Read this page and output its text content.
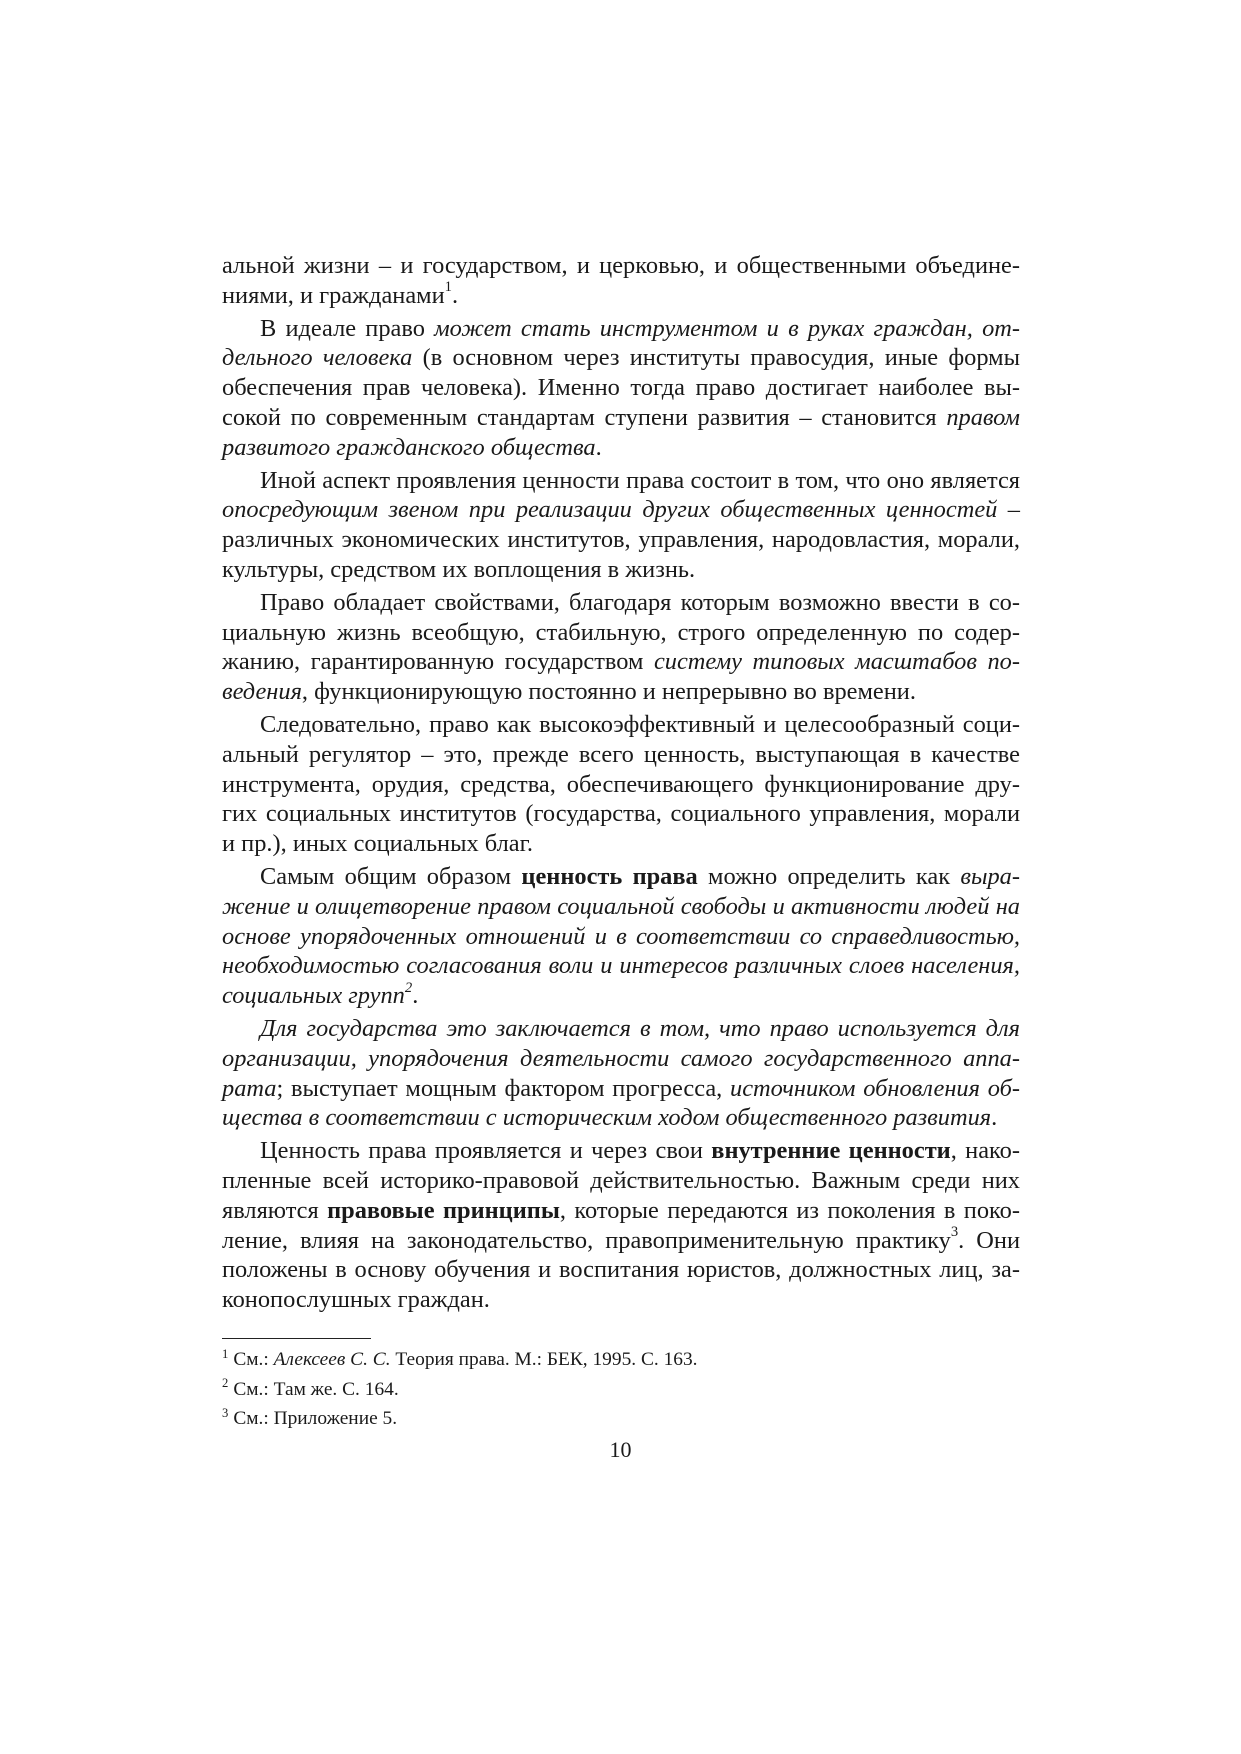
альной жизни – и государством, и церковью, и общественными объединениями, и гражданами$^1$.

В идеале право может стать инструментом и в руках граждан, отдельного человека (в основном через институты правосудия, иные формы обеспечения прав человека). Именно тогда право достигает наиболее высокой по современным стандартам ступени развития – становится правом развитого гражданского общества.

Иной аспект проявления ценности права состоит в том, что оно является опосредующим звеном при реализации других общественных ценностей – различных экономических институтов, управления, народовластия, морали, культуры, средством их воплощения в жизнь.

Право обладает свойствами, благодаря которым возможно ввести в социальную жизнь всеобщую, стабильную, строго определенную по содержанию, гарантированную государством систему типовых масштабов поведения, функционирующую постоянно и непрерывно во времени.

Следовательно, право как высокоэффективный и целесообразный социальный регулятор – это, прежде всего ценность, выступающая в качестве инструмента, орудия, средства, обеспечивающего функционирование других социальных институтов (государства, социального управления, морали и пр.), иных социальных благ.

Самым общим образом ценность права можно определить как выражение и олицетворение правом социальной свободы и активности людей на основе упорядоченных отношений и в соответствии со справедливостью, необходимостью согласования воли и интересов различных слоев населения, социальных групп$^2$.

Для государства это заключается в том, что право используется для организации, упорядочения деятельности самого государственного аппарата; выступает мощным фактором прогресса, источником обновления общества в соответствии с историческим ходом общественного развития.

Ценность права проявляется и через свои внутренние ценности, накопленные всей историко-правовой действительностью. Важным среди них являются правовые принципы, которые передаются из поколения в поколение, влияя на законодательство, правоприменительную практику$^3$. Они положены в основу обучения и воспитания юристов, должностных лиц, законопослушных граждан.

$^1$ См.: Алексеев С. С. Теория права. М.: БЕК, 1995. С. 163.

$^2$ См.: Там же. С. 164.

$^3$ См.: Приложение 5.

10
